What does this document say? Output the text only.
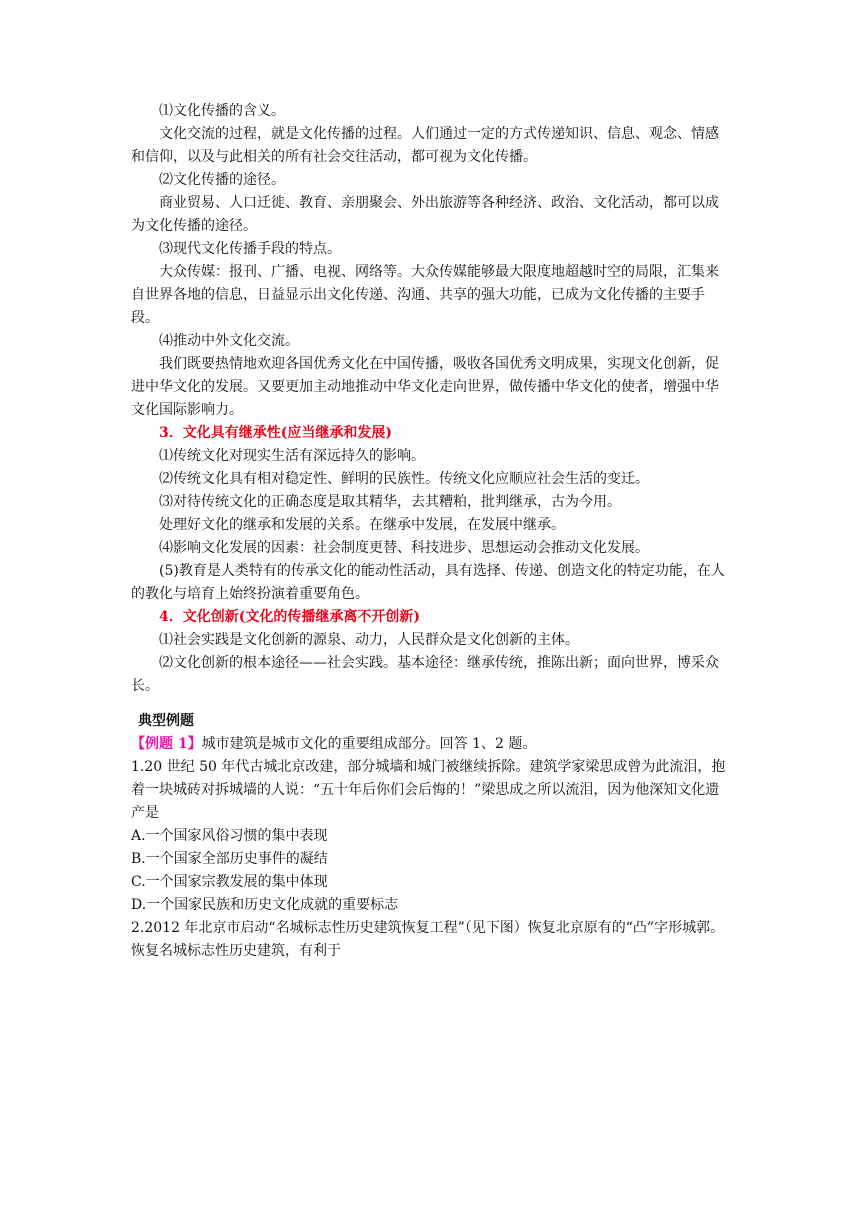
⑴文化传播的含义。

文化交流的过程，就是文化传播的过程。人们通过一定的方式传递知识、信息、观念、情感和信仰，以及与此相关的所有社会交往活动，都可视为文化传播。

⑵文化传播的途径。

商业贸易、人口迁徙、教育、亲朋聚会、外出旅游等各种经济、政治、文化活动，都可以成为文化传播的途径。

⑶现代文化传播手段的特点。

大众传媒：报刊、广播、电视、网络等。大众传媒能够最大限度地超越时空的局限，汇集来自世界各地的信息，日益显示出文化传递、沟通、共享的强大功能，已成为文化传播的主要手段。

⑷推动中外文化交流。

我们既要热情地欢迎各国优秀文化在中国传播，吸收各国优秀文明成果，实现文化创新，促进中华文化的发展。又要更加主动地推动中华文化走向世界，做传播中华文化的使者，增强中华文化国际影响力。

3．文化具有继承性(应当继承和发展)

⑴传统文化对现实生活有深远持久的影响。

⑵传统文化具有相对稳定性、鲜明的民族性。传统文化应顺应社会生活的变迁。

⑶对待传统文化的正确态度是取其精华，去其糟粕，批判继承，古为今用。

处理好文化的继承和发展的关系。在继承中发展，在发展中继承。

⑷影响文化发展的因素：社会制度更替、科技进步、思想运动会推动文化发展。

(5)教育是人类特有的传承文化的能动性活动，具有选择、传递、创造文化的特定功能，在人的教化与培育上始终扮演着重要角色。

4．文化创新(文化的传播继承离不开创新)

⑴社会实践是文化创新的源泉、动力，人民群众是文化创新的主体。

⑵文化创新的根本途径——社会实践。基本途径：继承传统，推陈出新；面向世界，博采众长。

典型例题

【例题 1】城市建筑是城市文化的重要组成部分。回答 1、2 题。

1.20 世纪 50 年代古城北京改建，部分城墙和城门被继续拆除。建筑学家梁思成曾为此流泪，抱着一块城砖对拆城墙的人说：“五十年后你们会后悔的！”梁思成之所以流泪，因为他深知文化遗产是

A.一个国家风俗习惯的集中表现

B.一个国家全部历史事件的凝结

C.一个国家宗教发展的集中体现

D.一个国家民族和历史文化成就的重要标志

2.2012 年北京市启动“名城标志性历史建筑恢复工程”（见下图）恢复北京原有的“凸”字形城郭。恢复名城标志性历史建筑，有利于
